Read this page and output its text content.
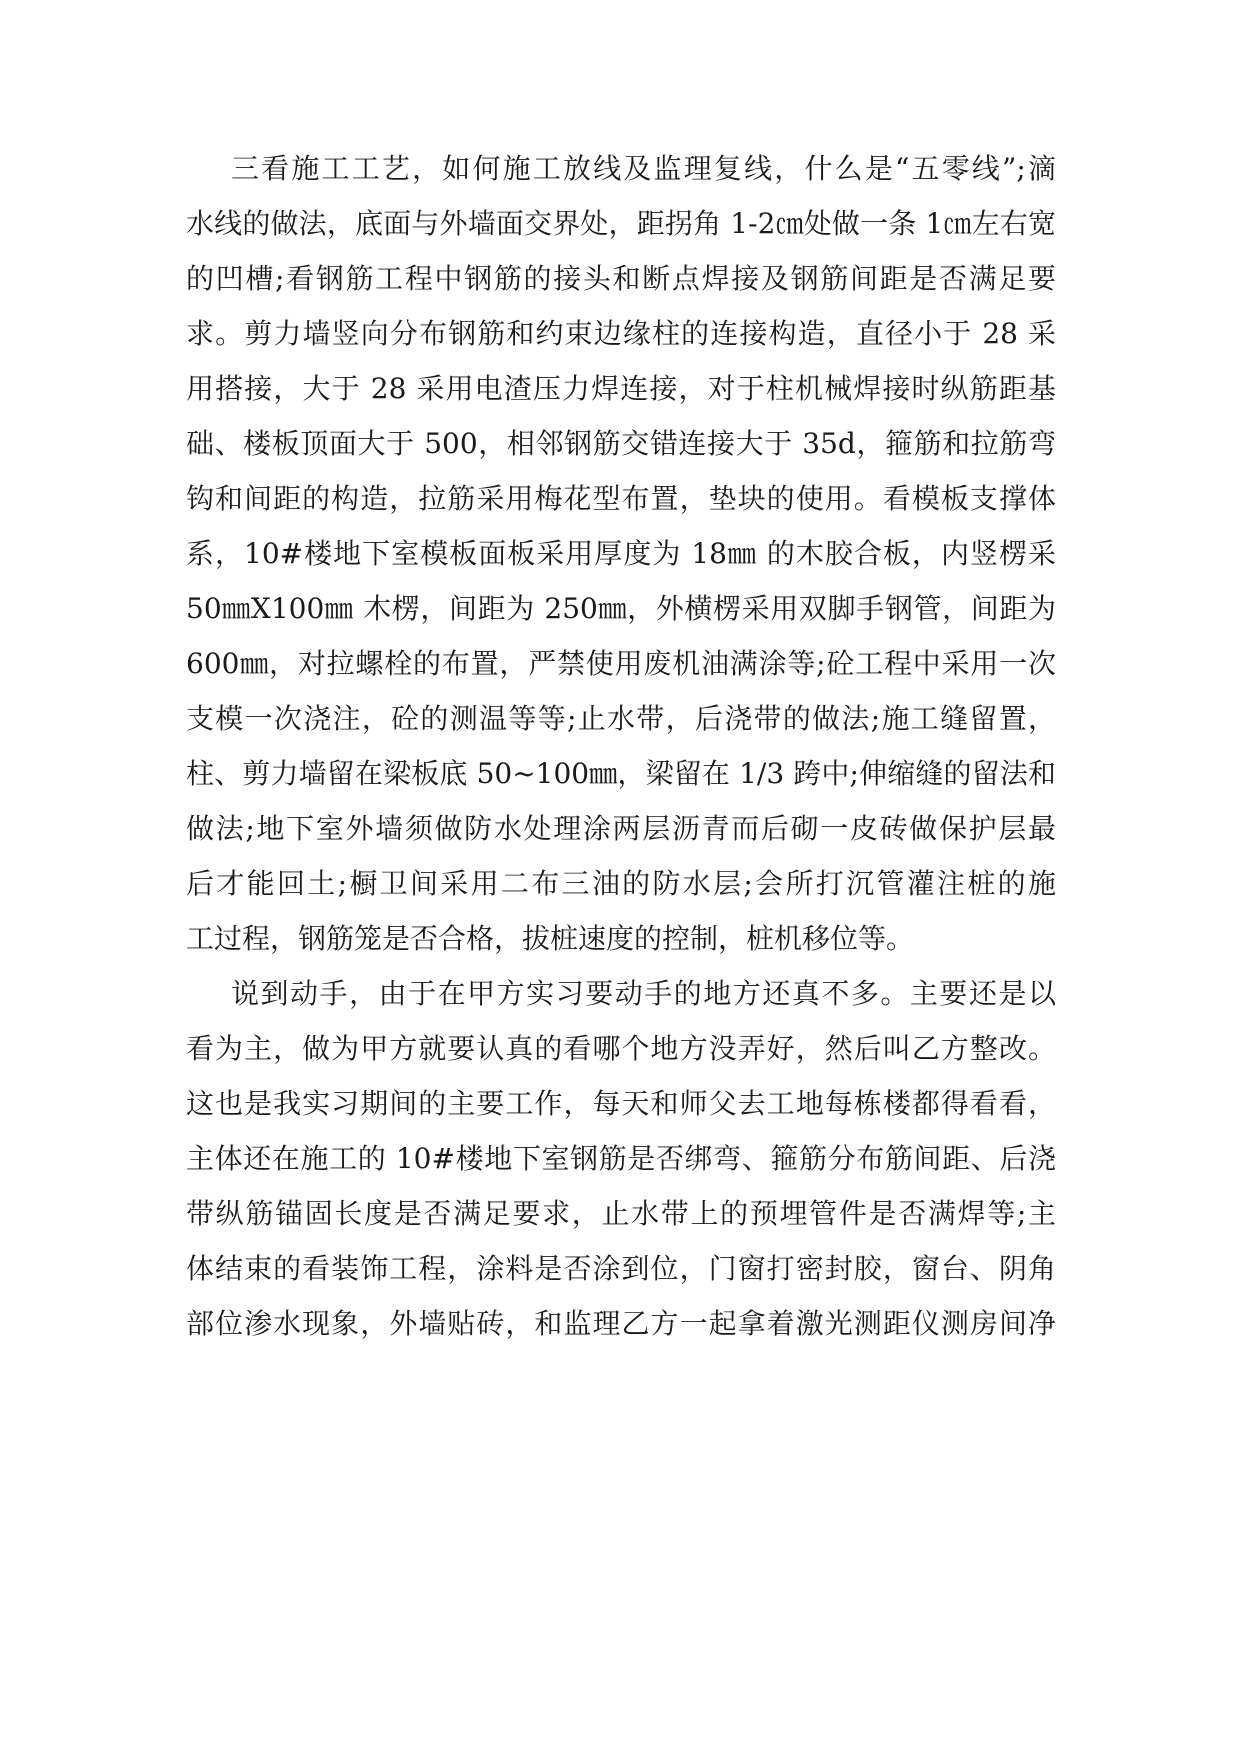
三看施工工艺，如何施工放线及监理复线，什么是“五零线”;滴
水线的做法，底面与外墙面交界处，距拐角 1-2㎝处做一条 1㎝左右宽
的凹槽;看钢筋工程中钢筋的接头和断点焊接及钢筋间距是否满足要
求。剪力墙竖向分布钢筋和约束边缘柱的连接构造，直径小于 28 采
用搭接，大于 28 采用电渣压力焊连接，对于柱机械焊接时纵筋距基
础、楼板顶面大于 500，相邻钢筋交错连接大于 35d，箍筋和拉筋弯
钩和间距的构造，拉筋采用梅花型布置，垫块的使用。看模板支撑体
系，10#楼地下室模板面板采用厚度为 18㎜ 的木胶合板，内竖楞采
50㎜X100㎜ 木楞，间距为 250㎜，外横楞采用双脚手钢管，间距为
600㎜，对拉螺栓的布置，严禁使用废机油满涂等;砼工程中采用一次
支模一次浇注，砼的测温等等;止水带，后浇带的做法;施工缝留置，
柱、剪力墙留在梁板底 50~100㎜，梁留在 1/3 跨中;伸缩缝的留法和
做法;地下室外墙须做防水处理涂两层沥青而后砌一皮砖做保护层最
后才能回土;橱卫间采用二布三油的防水层;会所打沉管灌注桩的施
工过程，钢筋笼是否合格，拔桩速度的控制，桩机移位等。
说到动手，由于在甲方实习要动手的地方还真不多。主要还是以
看为主，做为甲方就要认真的看哪个地方没弄好，然后叫乙方整改。
这也是我实习期间的主要工作，每天和师父去工地每栋楼都得看看，
主体还在施工的 10#楼地下室钢筋是否绑弯、箍筋分布筋间距、后浇
带纵筋锚固长度是否满足要求，止水带上的预埋管件是否满焊等;主
体结束的看装饰工程，涂料是否涂到位，门窗打密封胶，窗台、阴角
部位渗水现象，外墙贴砖，和监理乙方一起拿着激光测距仪测房间净
